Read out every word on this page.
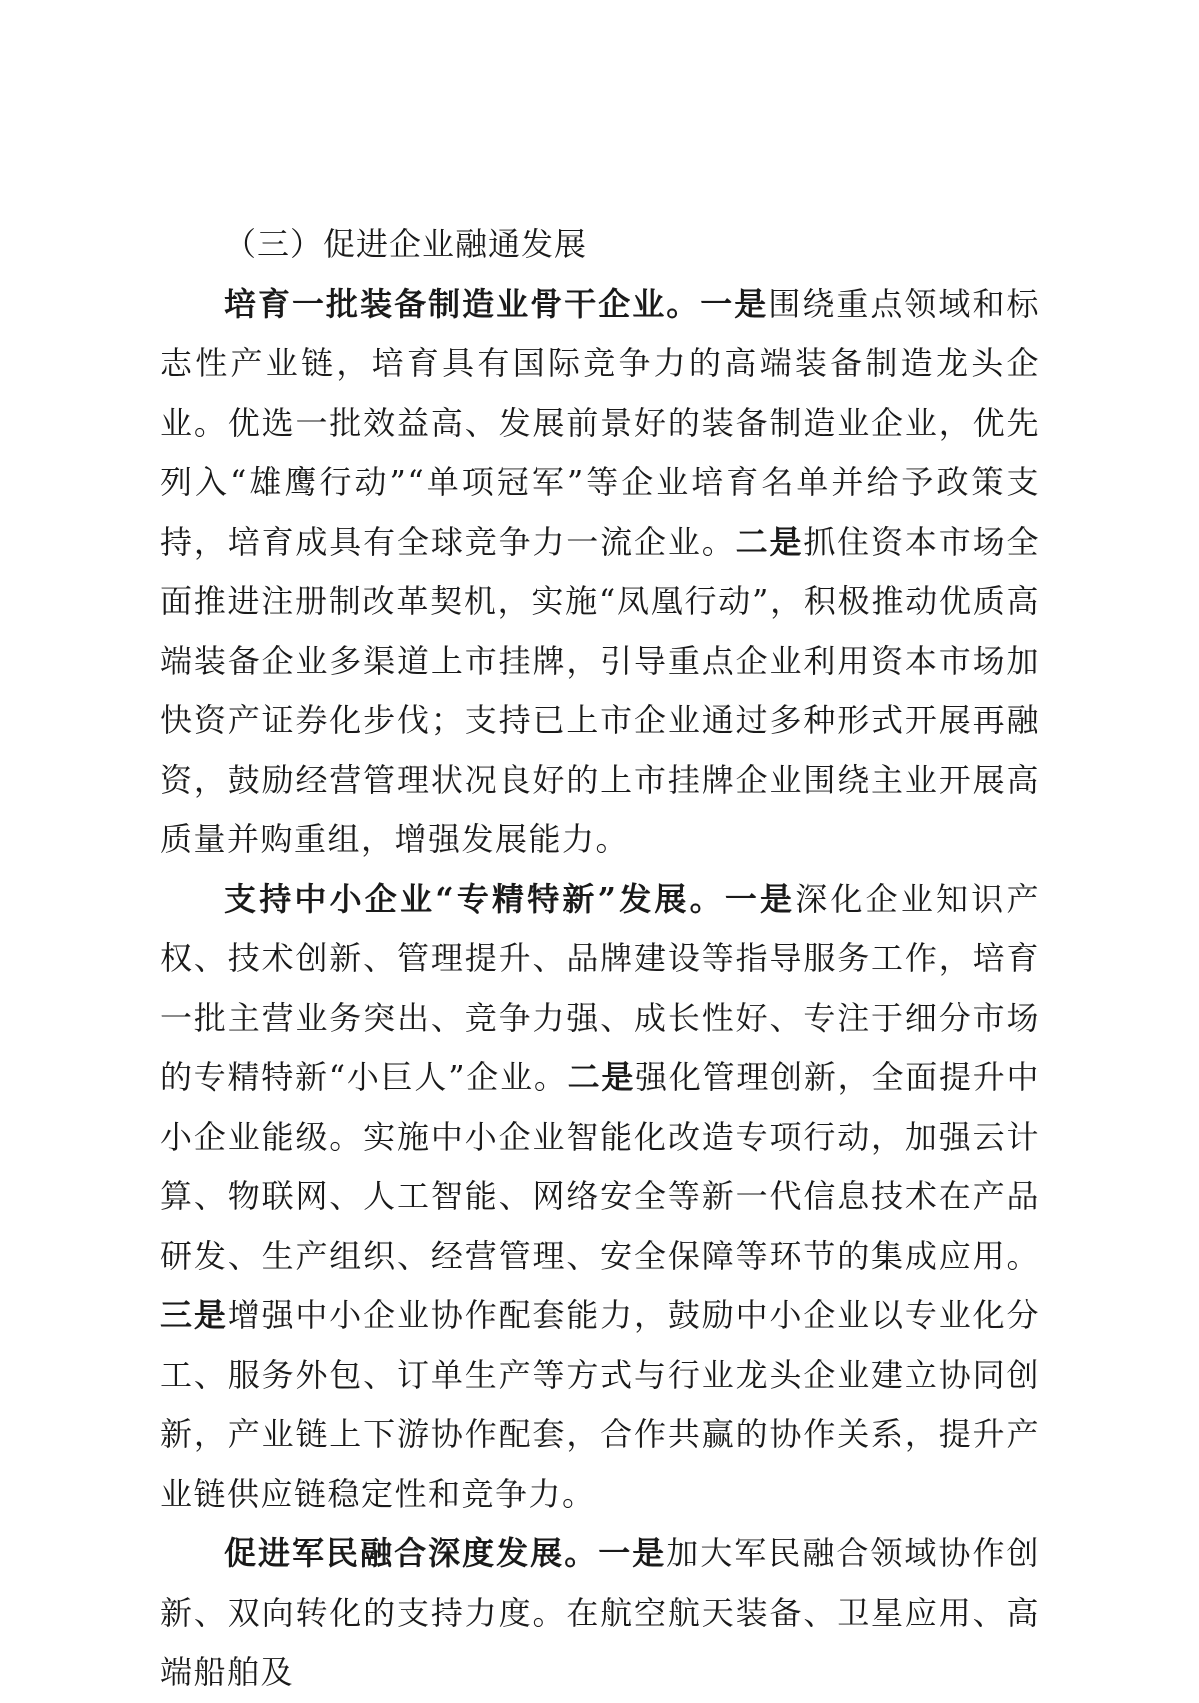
（三）促进企业融通发展

培育一批装备制造业骨干企业。一是围绕重点领域和标志性产业链，培育具有国际竞争力的高端装备制造龙头企业。优选一批效益高、发展前景好的装备制造业企业，优先列入“雄鹰行动”“单项冠军”等企业培育名单并给予政策支持，培育成具有全球竞争力一流企业。二是抓住资本市场全面推进注册制改革契机，实施“凤凰行动”，积极推动优质高端装备企业多渠道上市挂牌，引导重点企业利用资本市场加快资产证券化步伐；支持已上市企业通过多种形式开展再融资，鼓励经营管理状况良好的上市挂牌企业围绕主业开展高质量并购重组，增强发展能力。

支持中小企业“专精特新”发展。一是深化企业知识产权、技术创新、管理提升、品牌建设等指导服务工作，培育一批主营业务突出、竞争力强、成长性好、专注于细分市场的专精特新“小巨人”企业。二是强化管理创新，全面提升中小企业能级。实施中小企业智能化改造专项行动，加强云计算、物联网、人工智能、网络安全等新一代信息技术在产品研发、生产组织、经营管理、安全保障等环节的集成应用。三是增强中小企业协作配套能力，鼓励中小企业以专业化分工、服务外包、订单生产等方式与行业龙头企业建立协同创新，产业链上下游协作配套，合作共赢的协作关系，提升产业链供应链稳定性和竞争力。

促进军民融合深度发展。一是加大军民融合领域协作创新、双向转化的支持力度。在航空航天装备、卫星应用、高端船舶及
